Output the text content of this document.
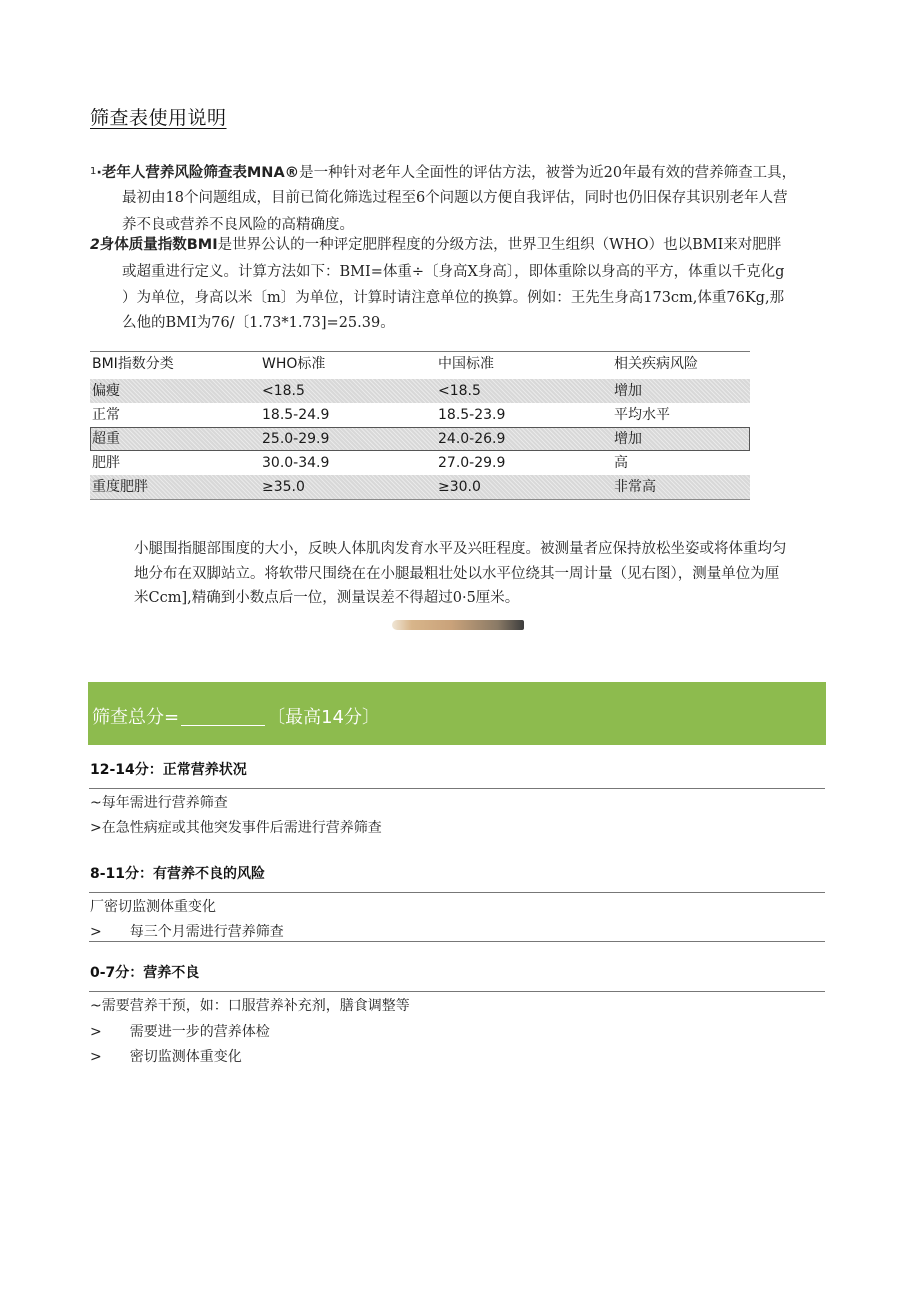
筛查表使用说明
$^1$·老年人营养风险筛查表MNA®是一种针对老年人全面性的评估方法，被誉为近20年最有效的营养筛查工具，
最初由18个问题组成，目前已简化筛选过程至6个问题以方便自我评估，同时也仍旧保存其识别老年人营
养不良或营养不良风险的高精确度。
2身体质量指数BMI是世界公认的一种评定肥胖程度的分级方法，世界卫生组织（WHO）也以BMI来对肥胖
或超重进行定义。计算方法如下：BMI=体重÷〔身高X身高〕，即体重除以身高的平方，体重以千克化g
）为单位，身高以米〔m〕为单位，计算时请注意单位的换算。例如：王先生身高173cm,体重76Kg,那
么他的BMI为76/〔1.73*1.73]=25.39。
BMI指数分类	WHO标准	中国标准	相关疾病风险
偏瘦	<18.5	<18.5	增加
正常	18.5-24.9	18.5-23.9	平均水平
超重	25.0-29.9	24.0-26.9	增加
肥胖	30.0-34.9	27.0-29.9	高
重度肥胖	≥35.0	≥30.0	非常高
小腿围指腿部围度的大小，反映人体肌肉发育水平及兴旺程度。被测量者应保持放松坐姿或将体重均匀
地分布在双脚站立。将软带尺围绕在在小腿最粗壮处以水平位绕其一周计量（见右图），测量单位为厘
米Ccm],精确到小数点后一位，测量误差不得超过0·5厘米。
筛查总分=	〔最高14分〕
12-14分：正常营养状况
~每年需进行营养筛查
>在急性病症或其他突发事件后需进行营养筛查
8-11分：有营养不良的风险
厂密切监测体重变化
> 每三个月需进行营养筛查
0-7分：营养不良
~需要营养干预，如：口服营养补充剂，膳食调整等
> 需要进一步的营养体检
> 密切监测体重变化
